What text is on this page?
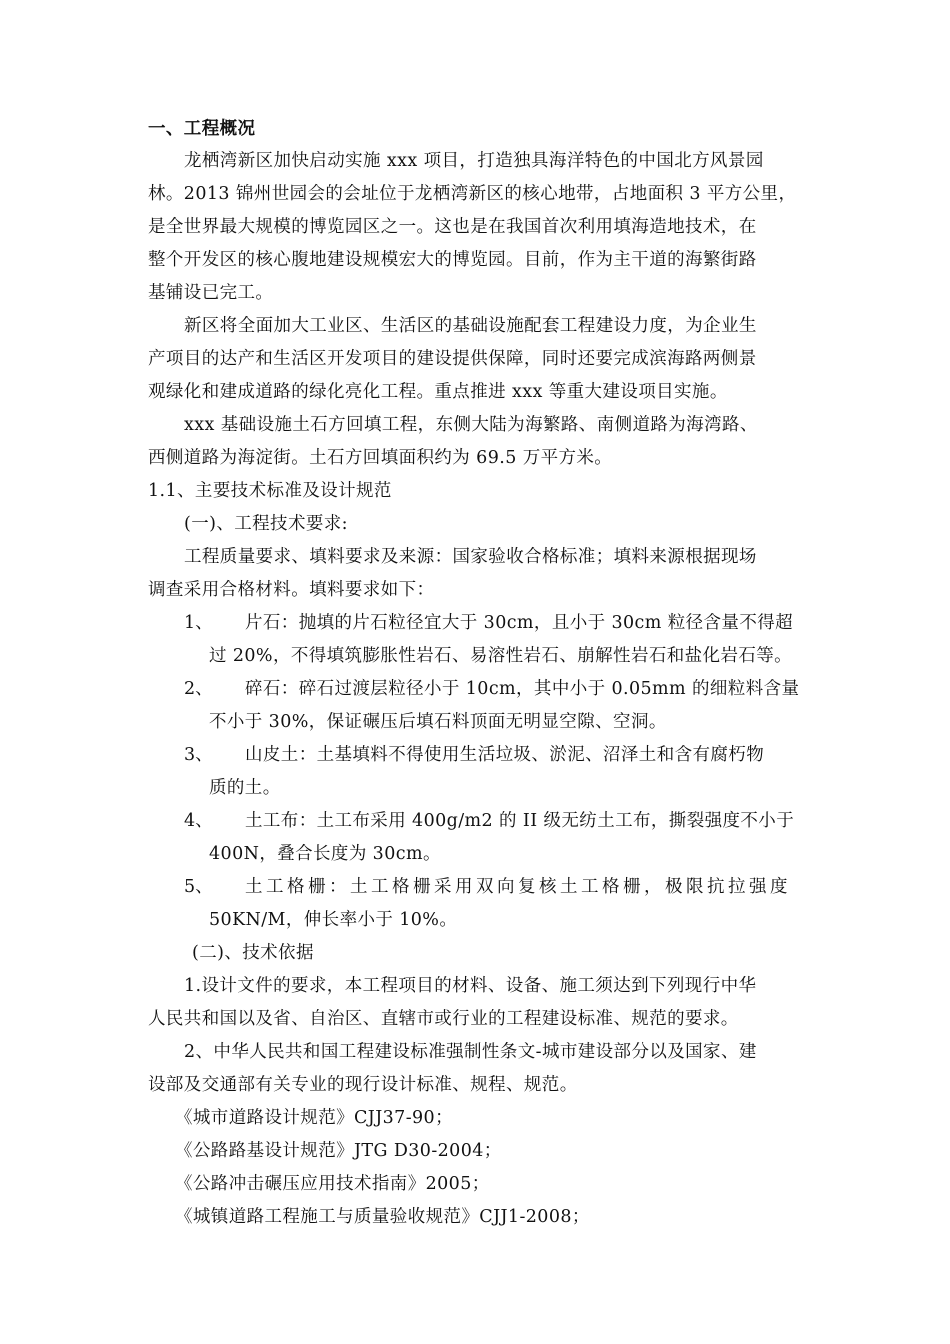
一、工程概况
龙栖湾新区加快启动实施 xxx 项目，打造独具海洋特色的中国北方风景园
林。2013 锦州世园会的会址位于龙栖湾新区的核心地带，占地面积 3 平方公里，
是全世界最大规模的博览园区之一。这也是在我国首次利用填海造地技术，在
整个开发区的核心腹地建设规模宏大的博览园。目前，作为主干道的海繁街路
基铺设已完工。
新区将全面加大工业区、生活区的基础设施配套工程建设力度，为企业生
产项目的达产和生活区开发项目的建设提供保障，同时还要完成滨海路两侧景
观绿化和建成道路的绿化亮化工程。重点推进 xxx 等重大建设项目实施。
xxx 基础设施土石方回填工程，东侧大陆为海繁路、南侧道路为海湾路、
西侧道路为海淀街。土石方回填面积约为 69.5 万平方米。
1.1、主要技术标准及设计规范
(一)、工程技术要求:
工程质量要求、填料要求及来源：国家验收合格标准；填料来源根据现场
调查采用合格材料。填料要求如下：
1、 片石：抛填的片石粒径宜大于 30cm，且小于 30cm 粒径含量不得超
过 20%，不得填筑膨胀性岩石、易溶性岩石、崩解性岩石和盐化岩石等。
2、 碎石：碎石过渡层粒径小于 10cm，其中小于 0.05mm 的细粒料含量
不小于 30%，保证碾压后填石料顶面无明显空隙、空洞。
3、 山皮土：土基填料不得使用生活垃圾、淤泥、沼泽土和含有腐朽物
质的土。
4、 土工布：土工布采用 400g/m2 的 II 级无纺土工布，撕裂强度不小于
400N，叠合长度为 30cm。
5、 土工格栅：土工格栅采用双向复核土工格栅，极限抗拉强度
50KN/M，伸长率小于 10%。
(二)、技术依据
1.设计文件的要求，本工程项目的材料、设备、施工须达到下列现行中华
人民共和国以及省、自治区、直辖市或行业的工程建设标准、规范的要求。
2、中华人民共和国工程建设标准强制性条文-城市建设部分以及国家、建
设部及交通部有关专业的现行设计标准、规程、规范。
《城市道路设计规范》CJJ37-90；
《公路路基设计规范》JTG D30-2004；
《公路冲击碾压应用技术指南》2005；
《城镇道路工程施工与质量验收规范》CJJ1-2008；
